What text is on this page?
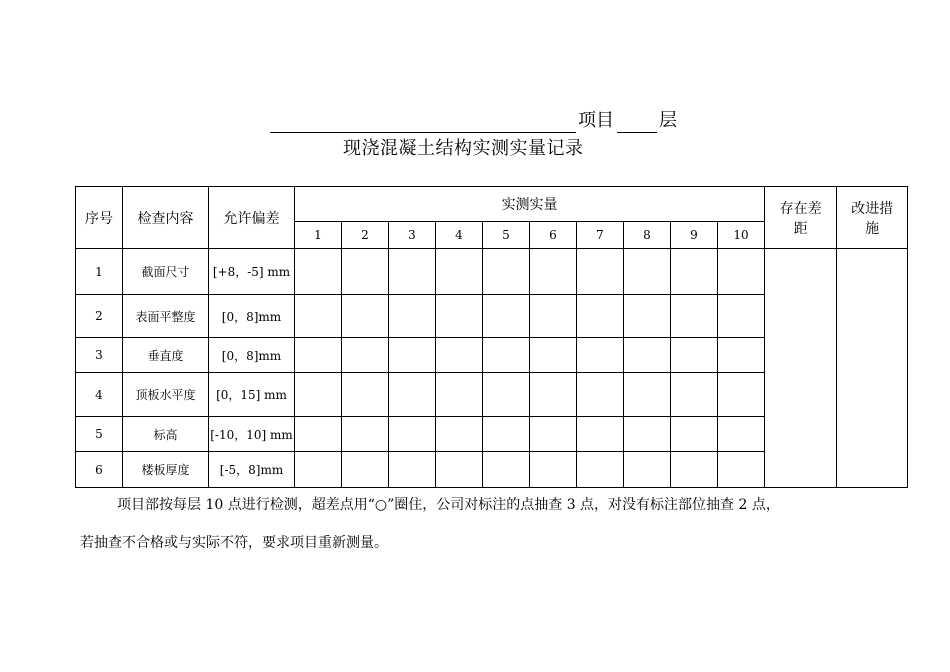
项目	层
现浇混凝土结构实测实量记录
序号	检查内容	允许偏差	实测实量										存在差距	改进措施
			1	2	3	4	5	6	7	8	9	10		
1	截面尺寸	[+8，-5] mm												
2	表面平整度	[0，8]mm												
3	垂直度	[0，8]mm												
4	顶板水平度	[0，15] mm												
5	标高	[-10，10] mm												
6	楼板厚度	[-5，8]mm												
项目部按每层 10 点进行检测，超差点用“○”圈住，公司对标注的点抽查 3 点，对没有标注部位抽查 2 点，
若抽查不合格或与实际不符，要求项目重新测量。
